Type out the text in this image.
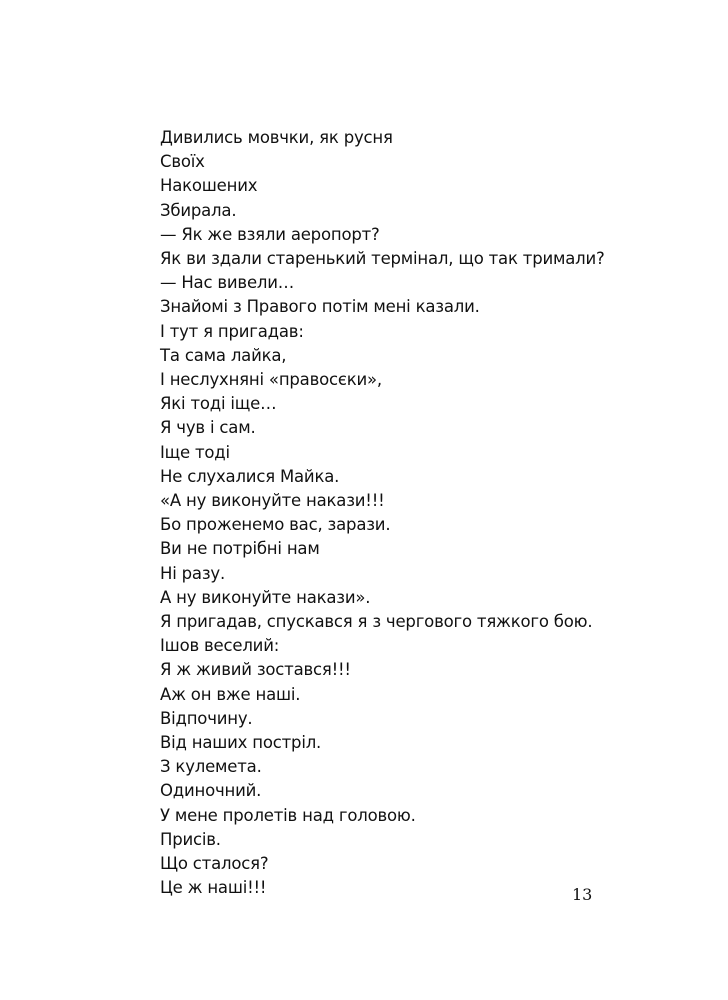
Дивились мовчки, як русня

Своїх

Накошених

Збирала.

— Як же взяли аеропорт?

Як ви здали старенький термінал, що так тримали?

— Нас вивели…

Знайомі з Правого потім мені казали.

І тут я пригадав:

Та сама лайка,

І неслухняні «правосєки»,

Які тоді іще…

Я чув і сам.

Іще тоді

Не слухалися Майка.

«А ну виконуйте накази!!!

Бо проженемо вас, зарази.

Ви не потрібні нам

Ні разу.

А ну виконуйте накази».

Я пригадав, спускався я з чергового тяжкого бою.

Ішов веселий:

Я ж живий зостався!!!

Аж он вже наші.

Відпочину.

Від наших пострiл.

З кулемета.

Одиночний.

У мене пролетів над головою.

Присів.

Що сталося?

Це ж наші!!!	13
